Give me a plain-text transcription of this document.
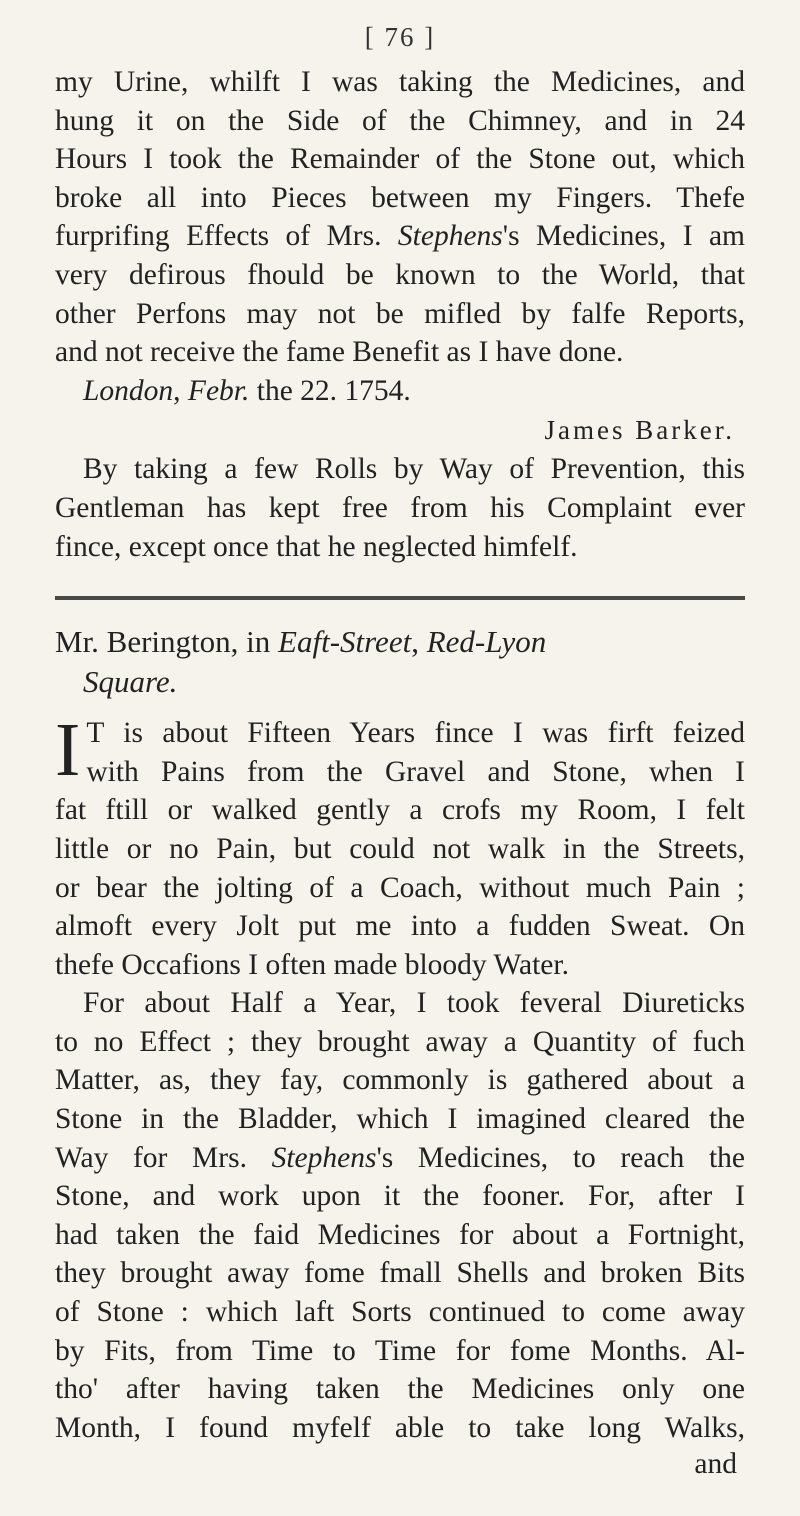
[ 76 ]
my Urine, whilft I was taking the Medicines, and
hung it on the Side of the Chimney, and in 24
Hours I took the Remainder of the Stone out, which
broke all into Pieces between my Fingers. Thefe
furprifing Effects of Mrs. Stephens's Medicines, I am
very defirous fhould be known to the World, that
other Perfons may not be mifled by falfe Reports,
and not receive the fame Benefit as I have done.
London, Febr. the 22. 1754.
James Barker.
By taking a few Rolls by Way of Prevention, this
Gentleman has kept free from his Complaint ever
fince, except once that he neglected himfelf.
Mr. Berington, in Eaft-Street, Red-Lyon
Square.
I T is about Fifteen Years fince I was firft feized
with Pains from the Gravel and Stone, when I
fat ftill or walked gently a crofs my Room, I felt
little or no Pain, but could not walk in the Streets,
or bear the jolting of a Coach, without much Pain ;
almoft every Jolt put me into a fudden Sweat. On
thefe Occafions I often made bloody Water.
For about Half a Year, I took feveral Diureticks
to no Effect ; they brought away a Quantity of fuch
Matter, as, they fay, commonly is gathered about a
Stone in the Bladder, which I imagined cleared the
Way for Mrs. Stephens's Medicines, to reach the
Stone, and work upon it the fooner. For, after I
had taken the faid Medicines for about a Fortnight,
they brought away fome fmall Shells and broken Bits
of Stone : which laft Sorts continued to come away
by Fits, from Time to Time for fome Months. Al-
tho' after having taken the Medicines only one
Month, I found myfelf able to take long Walks,
and
